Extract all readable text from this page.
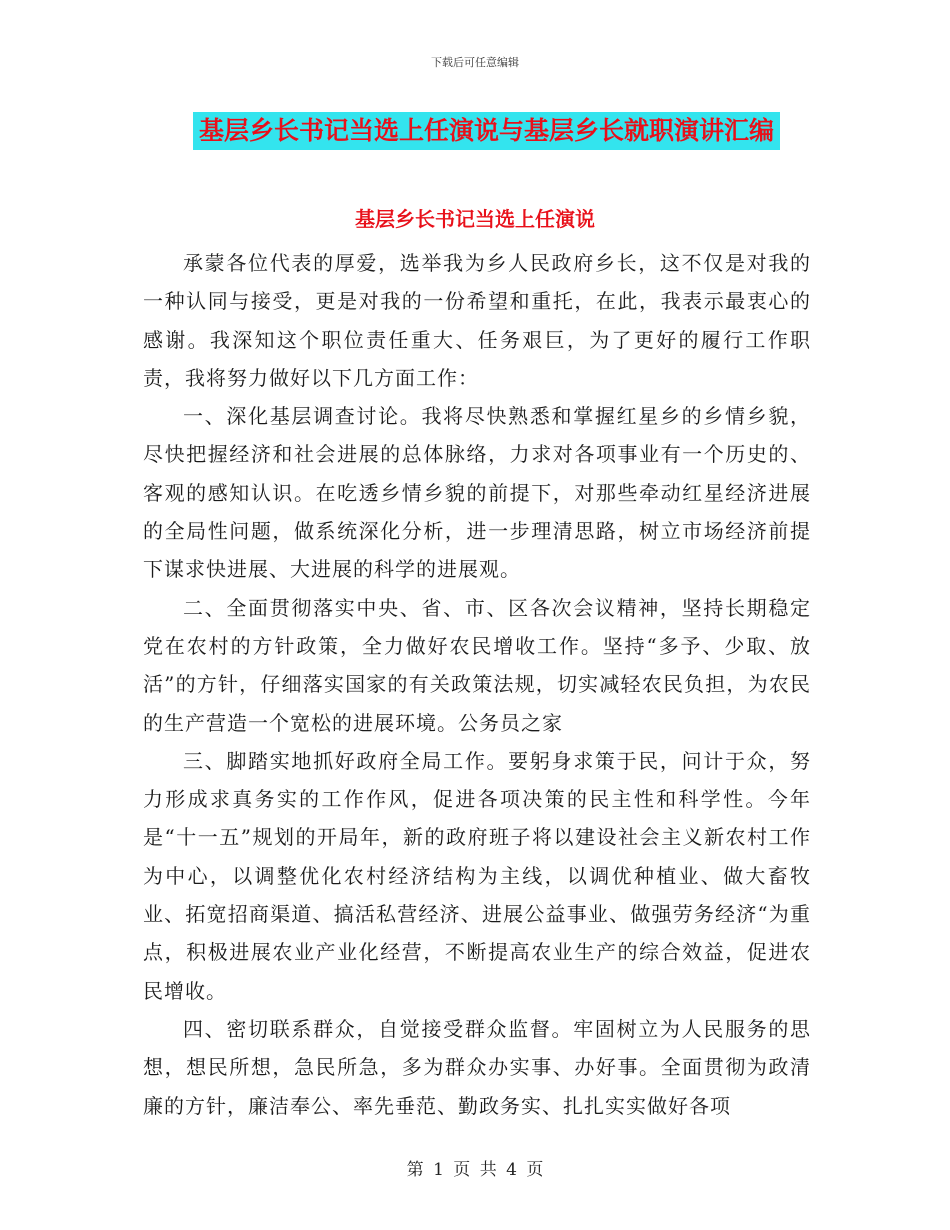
下载后可任意编辑
基层乡长书记当选上任演说与基层乡长就职演讲汇编
基层乡长书记当选上任演说

承蒙各位代表的厚爱，选举我为乡人民政府乡长，这不仅是对我的一种认同与接受，更是对我的一份希望和重托，在此，我表示最衷心的感谢。我深知这个职位责任重大、任务艰巨，为了更好的履行工作职责，我将努力做好以下几方面工作：

一、深化基层调查讨论。我将尽快熟悉和掌握红星乡的乡情乡貌，尽快把握经济和社会进展的总体脉络，力求对各项事业有一个历史的、客观的感知认识。在吃透乡情乡貌的前提下，对那些牵动红星经济进展的全局性问题，做系统深化分析，进一步理清思路，树立市场经济前提下谋求快进展、大进展的科学的进展观。

二、全面贯彻落实中央、省、市、区各次会议精神，坚持长期稳定党在农村的方针政策，全力做好农民增收工作。坚持“多予、少取、放活”的方针，仔细落实国家的有关政策法规，切实减轻农民负担，为农民的生产营造一个宽松的进展环境。公务员之家

三、脚踏实地抓好政府全局工作。要躬身求策于民，问计于众，努力形成求真务实的工作作风，促进各项决策的民主性和科学性。今年是“十一五”规划的开局年，新的政府班子将以建设社会主义新农村工作为中心，以调整优化农村经济结构为主线，以调优种植业、做大畜牧业、拓宽招商渠道、搞活私营经济、进展公益事业、做强劳务经济“为重点，积极进展农业产业化经营，不断提高农业生产的综合效益，促进农民增收。

四、密切联系群众，自觉接受群众监督。牢固树立为人民服务的思想，想民所想，急民所急，多为群众办实事、办好事。全面贯彻为政清廉的方针，廉洁奉公、率先垂范、勤政务实、扎扎实实做好各项

第 1 页 共 4 页
